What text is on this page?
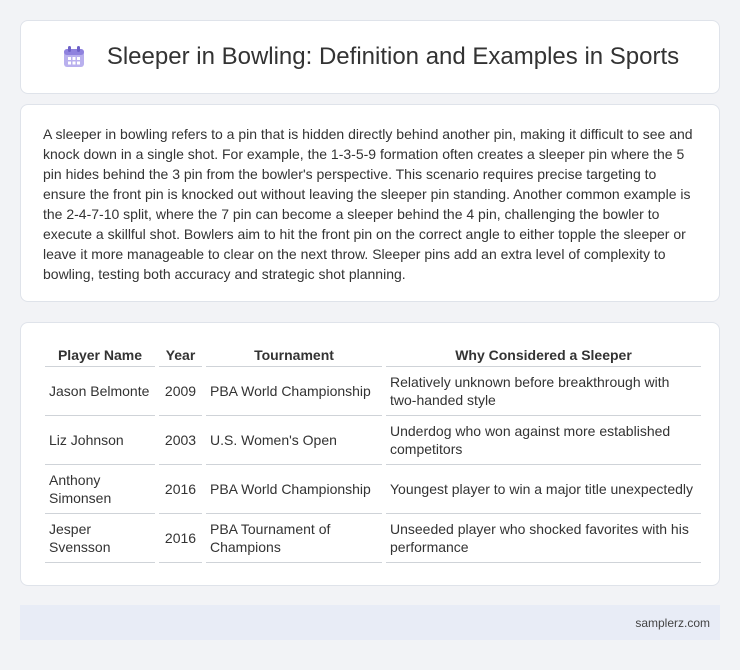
Sleeper in Bowling: Definition and Examples in Sports

A sleeper in bowling refers to a pin that is hidden directly behind another pin, making it difficult to see and knock down in a single shot. For example, the 1-3-5-9 formation often creates a sleeper pin where the 5 pin hides behind the 3 pin from the bowler's perspective. This scenario requires precise targeting to ensure the front pin is knocked out without leaving the sleeper pin standing. Another common example is the 2-4-7-10 split, where the 7 pin can become a sleeper behind the 4 pin, challenging the bowler to execute a skillful shot. Bowlers aim to hit the front pin on the correct angle to either topple the sleeper or leave it more manageable to clear on the next throw. Sleeper pins add an extra level of complexity to bowling, testing both accuracy and strategic shot planning.

Player Name	Year	Tournament	Why Considered a Sleeper
Jason Belmonte	2009	PBA World Championship	Relatively unknown before breakthrough with two-handed style
Liz Johnson	2003	U.S. Women's Open	Underdog who won against more established competitors
Anthony Simonsen	2016	PBA World Championship	Youngest player to win a major title unexpectedly
Jesper Svensson	2016	PBA Tournament of Champions	Unseeded player who shocked favorites with his performance
samplerz.com
